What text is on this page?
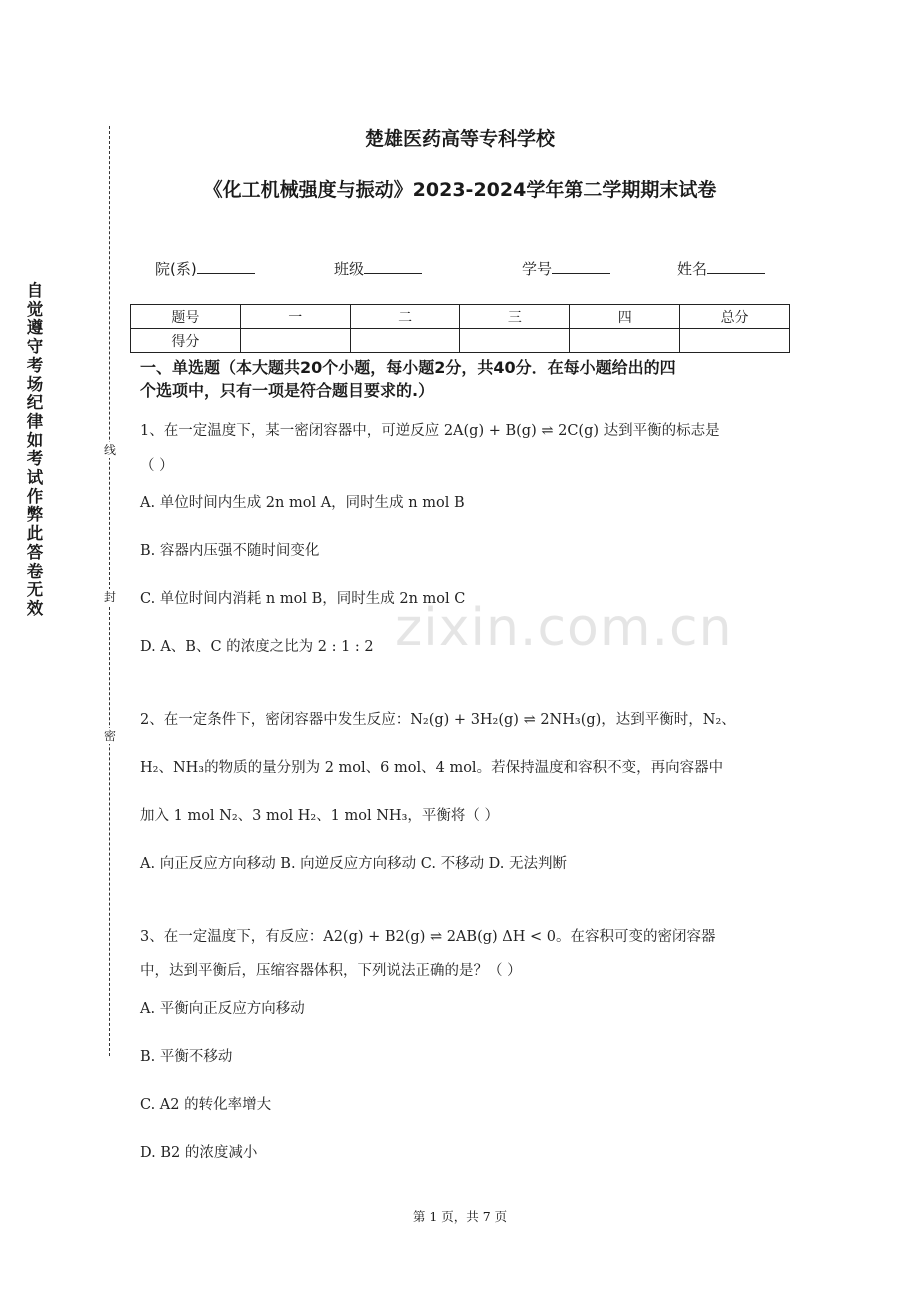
自觉遵守考场纪律如考试作弊此答卷无效
线
封
密
楚雄医药高等专科学校
《化工机械强度与振动》2023-2024学年第二学期期末试卷
院(系)	班级	学号	姓名
题号	一	二	三	四	总分
得分					
一、单选题（本大题共20个小题，每小题2分，共40分．在每小题给出的四
个选项中，只有一项是符合题目要求的.）
1、在一定温度下，某一密闭容器中，可逆反应 2A(g) + B(g) ⇌ 2C(g) 达到平衡的标志是
（ ）
A. 单位时间内生成 2n mol A，同时生成 n mol B
B. 容器内压强不随时间变化
C. 单位时间内消耗 n mol B，同时生成 2n mol C
D. A、B、C 的浓度之比为 2 : 1 : 2 zixin.com.cn
2、在一定条件下，密闭容器中发生反应：N₂(g) + 3H₂(g) ⇌ 2NH₃(g)，达到平衡时，N₂、
H₂、NH₃的物质的量分别为 2 mol、6 mol、4 mol。若保持温度和容积不变，再向容器中
加入 1 mol N₂、3 mol H₂、1 mol NH₃，平衡将（ ）
A. 向正反应方向移动 B. 向逆反应方向移动 C. 不移动 D. 无法判断
3、在一定温度下，有反应：A2(g) + B2(g) ⇌ 2AB(g) ΔH < 0。在容积可变的密闭容器
中，达到平衡后，压缩容器体积，下列说法正确的是？（ ）
A. 平衡向正反应方向移动
B. 平衡不移动
C. A2 的转化率增大
D. B2 的浓度减小
第 1 页，共 7 页
